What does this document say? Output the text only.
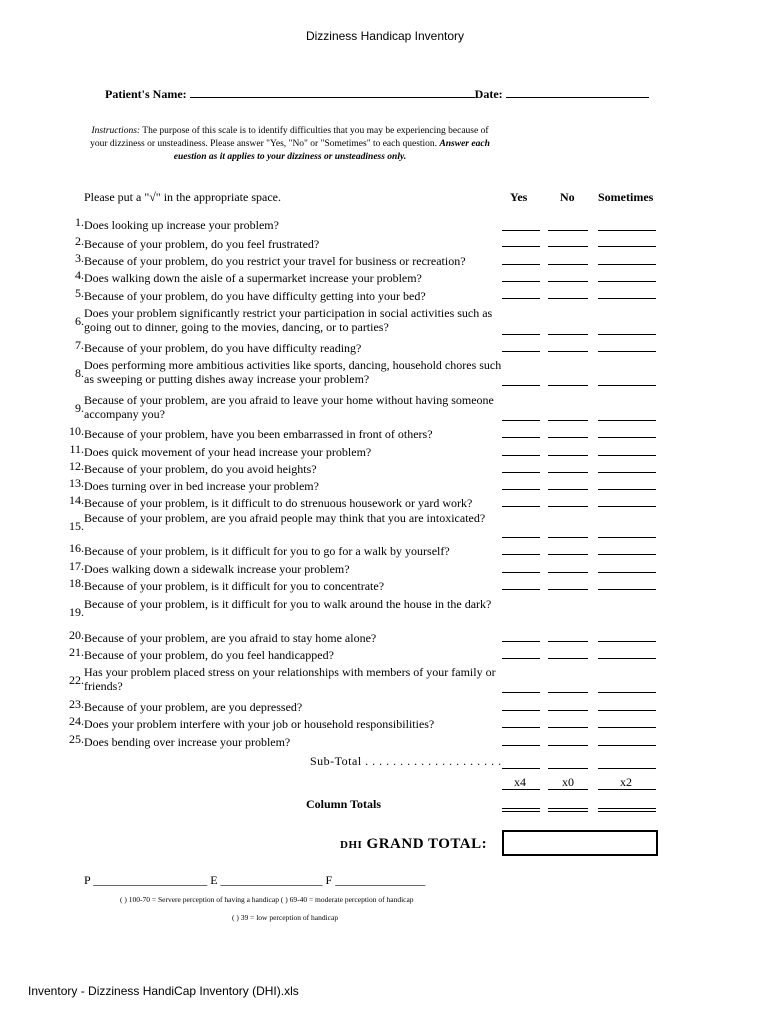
Dizziness Handicap Inventory
Patient's Name:	Date:
Instructions: The purpose of this scale is to identify difficulties that you may be experiencing because of your dizziness or unsteadiness. Please answer "Yes, "No" or "Sometimes" to each question. Answer each euestion as it applies to your dizziness or unsteadiness only.
Please put a "√" in the appropriate space.	Yes	No Sometimes
1. Does looking up increase your problem?
2. Because of your problem, do you feel frustrated?
3. Because of your problem, do you restrict your travel for business or recreation?
4. Does walking down the aisle of a supermarket increase your problem?
5. Because of your problem, do you have difficulty getting into your bed?
6.
Does your problem significantly restrict your participation in social activities such as going out to dinner, going to the movies, dancing, or to parties?
7. Because of your problem, do you have difficulty reading?
8.
Does performing more ambitious activities like sports, dancing, household chores such as sweeping or putting dishes away increase your problem?
9.
Because of your problem, are you afraid to leave your home without having someone accompany you?
10. Because of your problem, have you been embarrassed in front of others?
11. Does quick movement of your head increase your problem?
12. Because of your problem, do you avoid heights?
13. Does turning over in bed increase your problem?
14. Because of your problem, is it difficult to do strenuous housework or yard work?
15.
Because of your problem, are you afraid people may think that you are intoxicated?
16. Because of your problem, is it difficult for you to go for a walk by yourself?
17. Does walking down a sidewalk increase your problem?
18. Because of your problem, is it difficult for you to concentrate?
19.
Because of your problem, is it difficult for you to walk around the house in the dark?
20. Because of your problem, are you afraid to stay home alone?
21. Because of your problem, do you feel handicapped?
22.
Has your problem placed stress on your relationships with members of your family or friends?
23. Because of your problem, are you depressed?
24. Does your problem interfere with your job or household responsibilities?
25. Does bending over increase your problem?
Sub-Total . . . . . . . . . . . . . . . . . . . .
x4	x0	x2
Column Totals
DHI GRAND TOTAL:
P ___________________ E _________________ F _______________
( ) 100-70 = Servere perception of having a handicap ( ) 69-40 = moderate perception of handicap
( ) 39 = low perception of handicap
Inventory - Dizziness HandiCap Inventory (DHI).xls
